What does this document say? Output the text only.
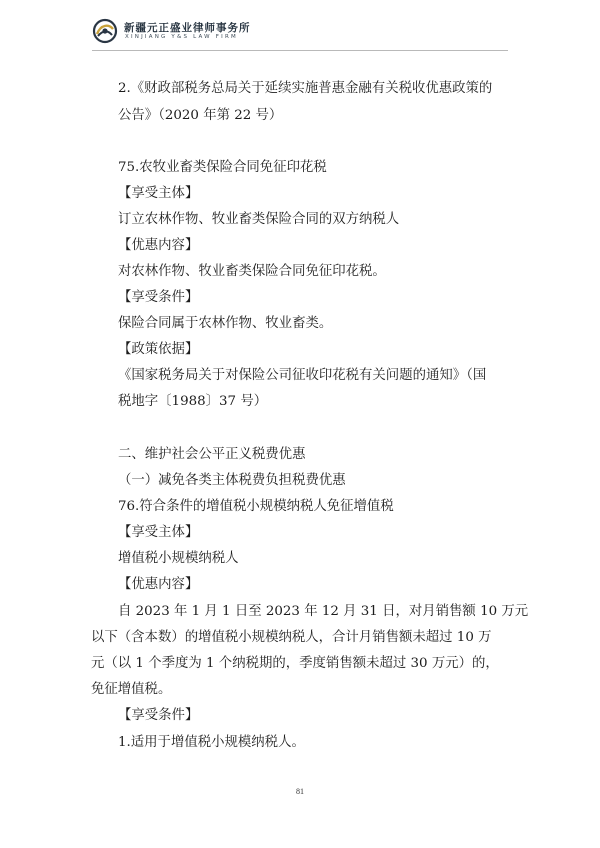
新疆元正盛业律师事务所
XINJIANG Y&S LAW FIRM
2.《财政部税务总局关于延续实施普惠金融有关税收优惠政策的
公告》（2020 年第 22 号）
75.农牧业畜类保险合同免征印花税
【享受主体】
订立农林作物、牧业畜类保险合同的双方纳税人
【优惠内容】
对农林作物、牧业畜类保险合同免征印花税。
【享受条件】
保险合同属于农林作物、牧业畜类。
【政策依据】
《国家税务局关于对保险公司征收印花税有关问题的通知》（国
税地字〔1988〕37 号）
二、维护社会公平正义税费优惠
（一）减免各类主体税费负担税费优惠
76.符合条件的增值税小规模纳税人免征增值税
【享受主体】
增值税小规模纳税人
【优惠内容】
自 2023 年 1 月 1 日至 2023 年 12 月 31 日，对月销售额 10 万元
以下（含本数）的增值税小规模纳税人，合计月销售额未超过 10 万
元（以 1 个季度为 1 个纳税期的，季度销售额未超过 30 万元）的，
免征增值税。
【享受条件】
1.适用于增值税小规模纳税人。
81
